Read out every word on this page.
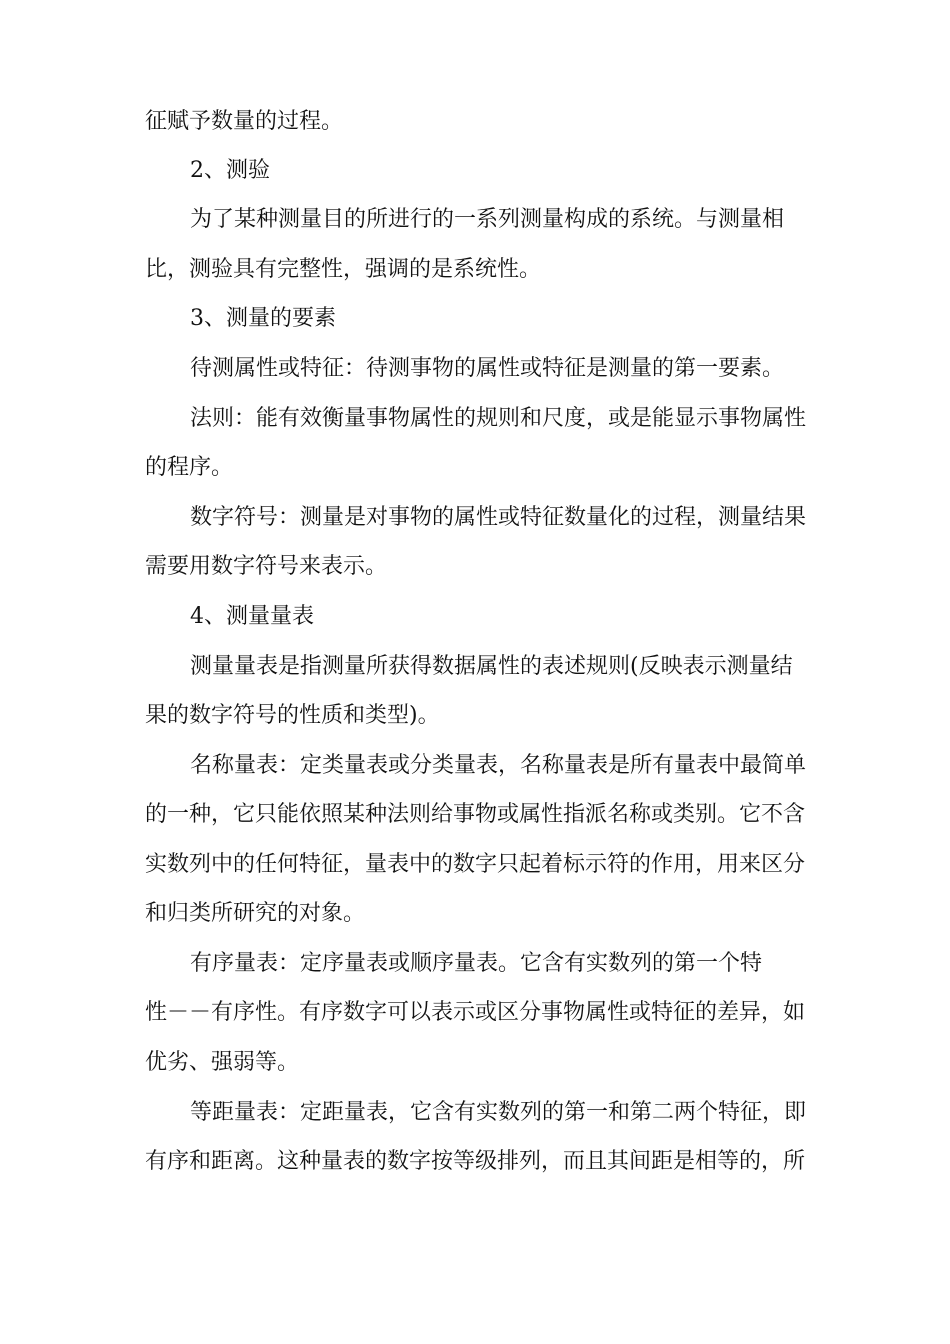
征赋予数量的过程。
2、测验
为了某种测量目的所进行的一系列测量构成的系统。与测量相
比，测验具有完整性，强调的是系统性。
3、测量的要素
待测属性或特征：待测事物的属性或特征是测量的第一要素。
法则：能有效衡量事物属性的规则和尺度，或是能显示事物属性
的程序。
数字符号：测量是对事物的属性或特征数量化的过程，测量结果
需要用数字符号来表示。
4、测量量表
测量量表是指测量所获得数据属性的表述规则(反映表示测量结
果的数字符号的性质和类型)。
名称量表：定类量表或分类量表，名称量表是所有量表中最简单
的一种，它只能依照某种法则给事物或属性指派名称或类别。它不含
实数列中的任何特征，量表中的数字只起着标示符的作用，用来区分
和归类所研究的对象。
有序量表：定序量表或顺序量表。它含有实数列的第一个特
性－－有序性。有序数字可以表示或区分事物属性或特征的差异，如
优劣、强弱等。
等距量表：定距量表，它含有实数列的第一和第二两个特征，即
有序和距离。这种量表的数字按等级排列，而且其间距是相等的，所
